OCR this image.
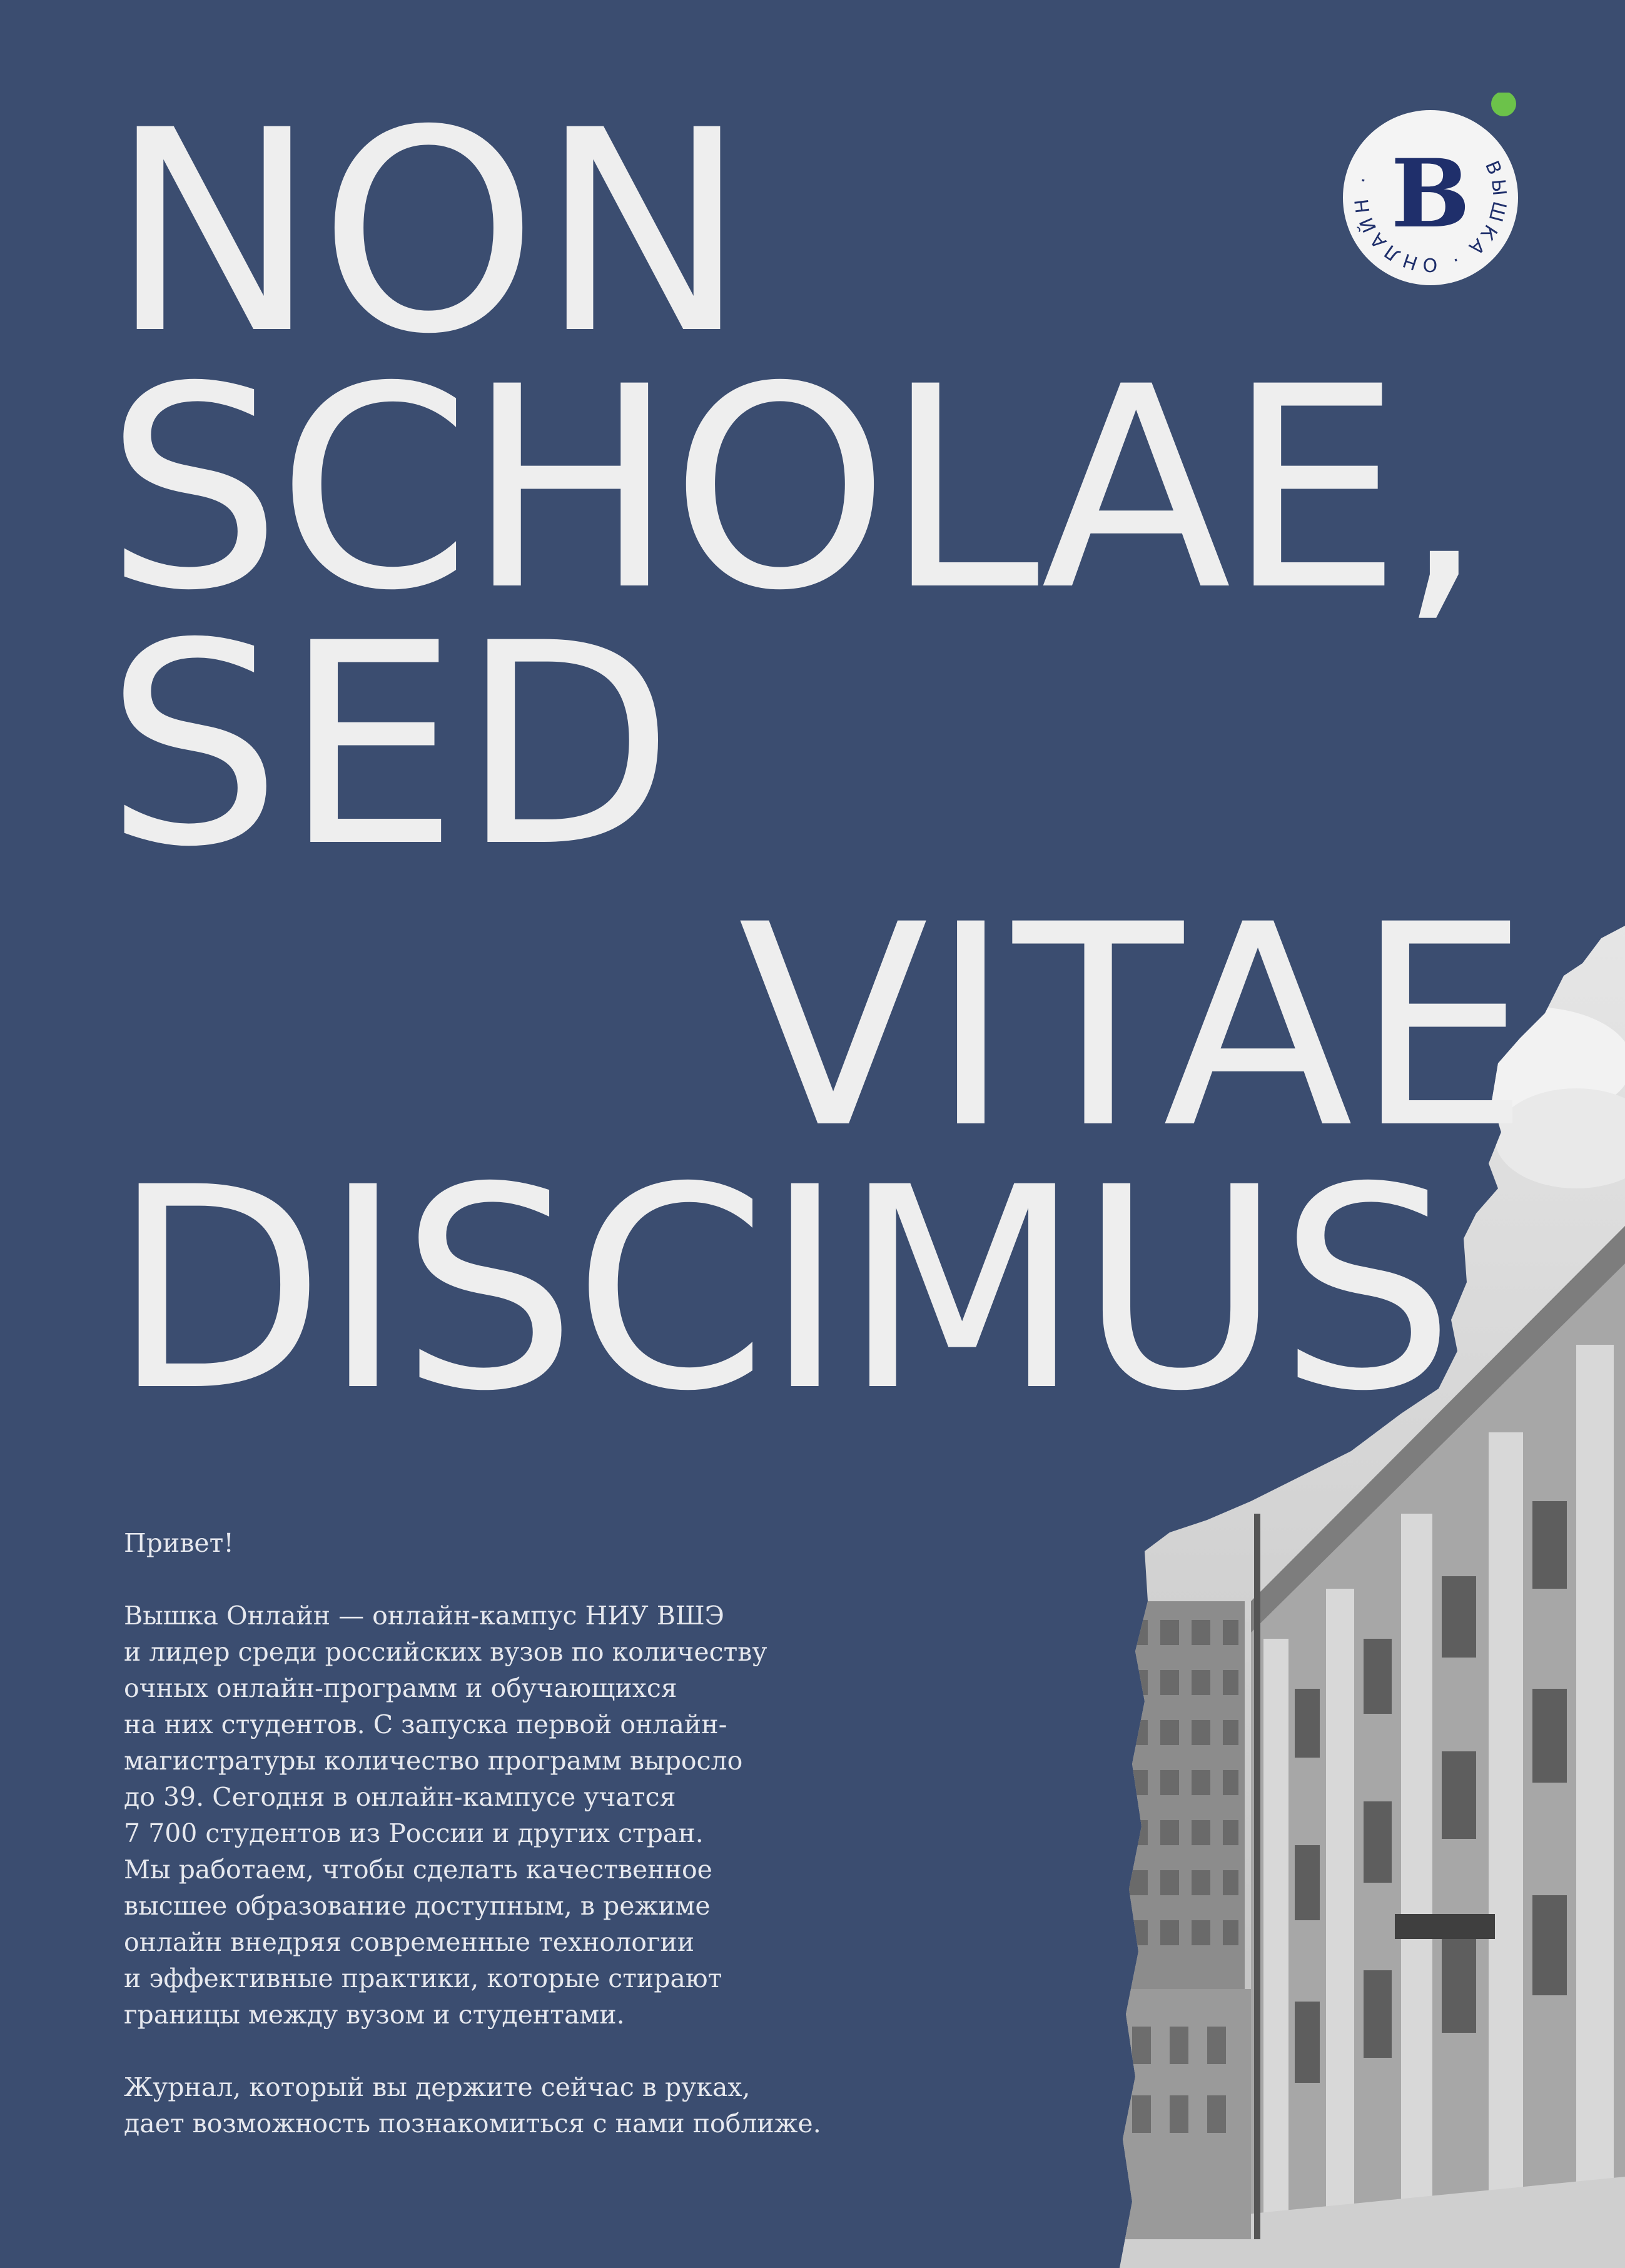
NON
SCHOLAE,
SED
VITAE
DISCIMUS
ВЫШКА · ОНЛАЙН · В

Привет!

Вышка Онлайн — онлайн-кампус НИУ ВШЭ

и лидер среди российских вузов по количеству

очных онлайн-программ и обучающихся

на них студентов. С запуска первой онлайн-

магистратуры количество программ выросло

до 39. Сегодня в онлайн-кампусе учатся

7 700 студентов из России и других стран.

Мы работаем, чтобы сделать качественное

высшее образование доступным, в режиме

онлайн внедряя современные технологии

и эффективные практики, которые стирают

границы между вузом и студентами.

Журнал, который вы держите сейчас в руках,

дает возможность познакомиться с нами поближе.
